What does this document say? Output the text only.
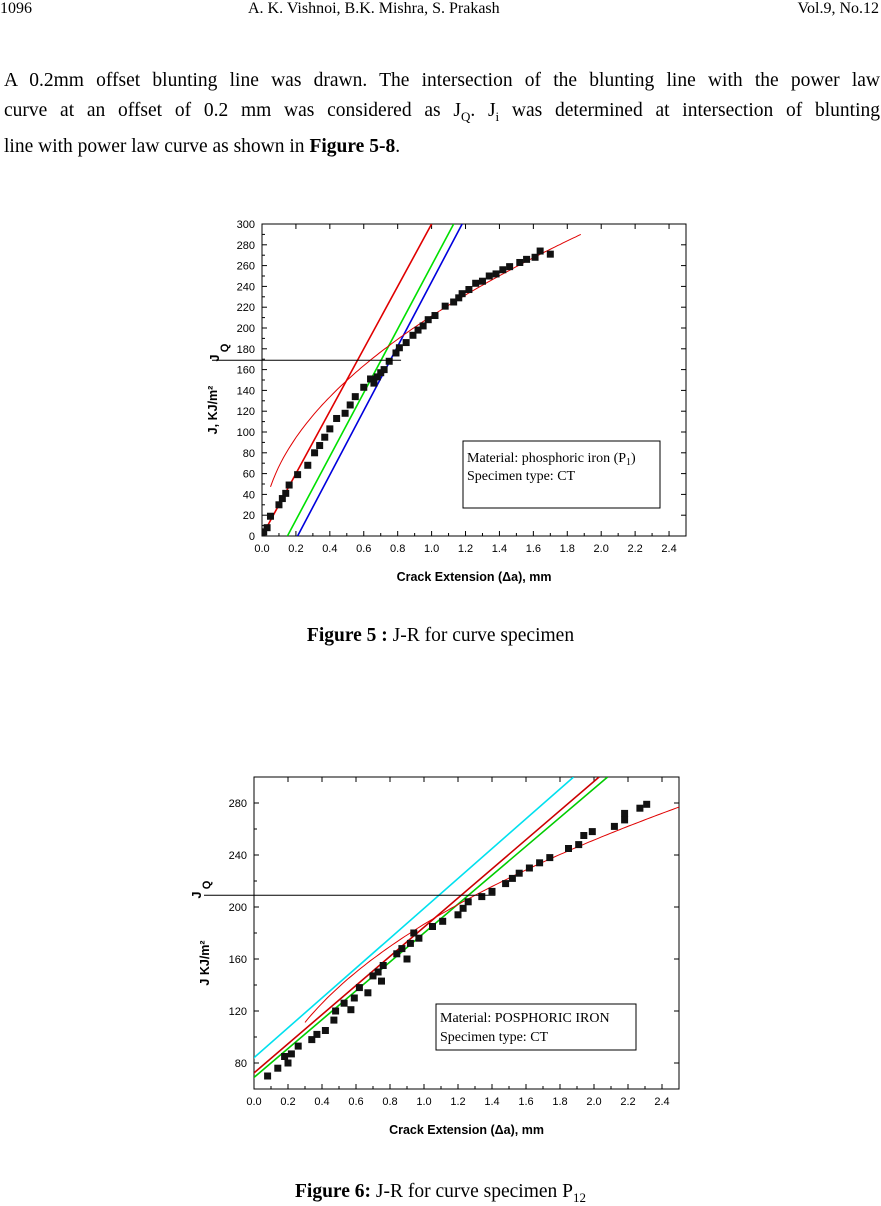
1096	A. K. Vishnoi, B.K. Mishra, S. Prakash	Vol.9, No.12
A 0.2mm offset blunting line was drawn. The intersection of the blunting line with the power law
curve at an offset of 0.2 mm was considered as $J_Q$. $J_i$ was determined at intersection of blunting
line with power law curve as shown in Figure 5-8.
0.0 0.2 0.4 0.6 0.8 1.0 1.2 1.4 1.6 1.8 2.0 2.2 2.4
0
20
40
60
80
100
120
140
160
180
200
220
240
260
280
300
J
Q
Crack Extension (Δa), mm
J, KJ/m²
Material: phosphoric iron $(P_1)$
Specimen type: CT
0.0 0.2 0.4 0.6 0.8 1.0 1.2 1.4 1.6 1.8 2.0 2.2 2.4
80
120
160
200
240
280
J
Q
Crack Extension (Δa), mm
J KJ/m²
Material: POSPHORIC IRON
Specimen type: CT
Figure 5 : J-R for curve specimen
Figure 6: J-R for curve specimen $P_{12}$
